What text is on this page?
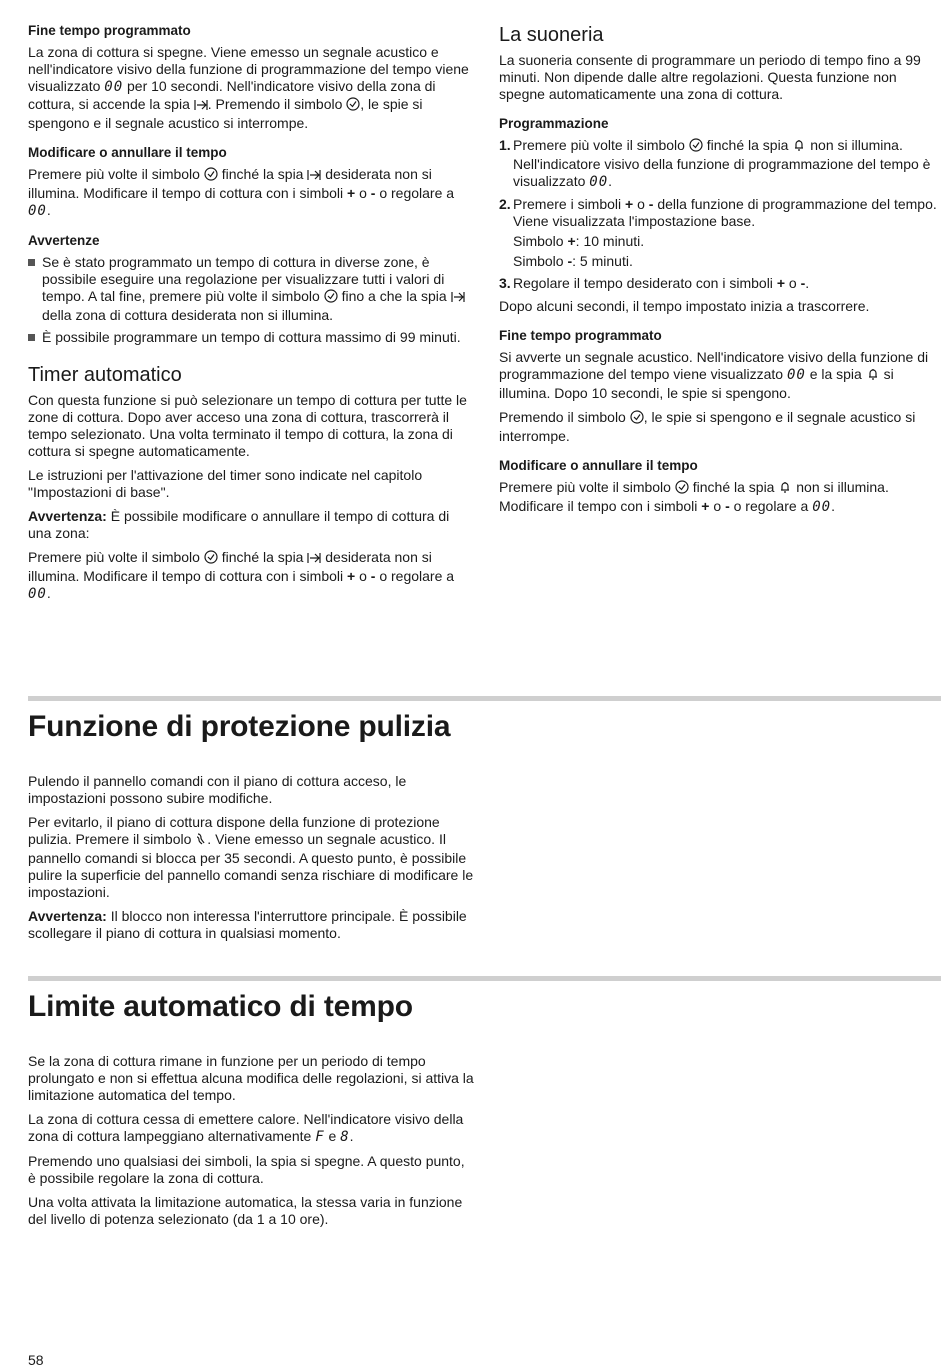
Fine tempo programmato

La zona di cottura si spegne. Viene emesso un segnale acustico e nell'indicatore visivo della funzione di programmazione del tempo viene visualizzato 00 per 10 secondi. Nell'indicatore visivo della zona di cottura, si accende la spia . Premendo il simbolo , le spie si spengono e il segnale acustico si interrompe.

Modificare o annullare il tempo

Premere più volte il simbolo finché la spia desiderata non si illumina. Modificare il tempo di cottura con i simboli + o - o regolare a 00.

Avvertenze
Se è stato programmato un tempo di cottura in diverse zone, è possibile eseguire una regolazione per visualizzare tutti i valori di tempo. A tal fine, premere più volte il simbolo fino a che la spia  della zona di cottura desiderata non si illumina.
È possibile programmare un tempo di cottura massimo di 99 minuti.
Timer automatico

Con questa funzione si può selezionare un tempo di cottura per tutte le zone di cottura. Dopo aver acceso una zona di cottura, trascorrerà il tempo selezionato. Una volta terminato il tempo di cottura, la zona di cottura si spegne automaticamente.

Le istruzioni per l'attivazione del timer sono indicate nel capitolo "Impostazioni di base".

Avvertenza: È possibile modificare o annullare il tempo di cottura di una zona:

Premere più volte il simbolo finché la spia desiderata non si illumina. Modificare il tempo di cottura con i simboli + o - o regolare a 00.

La suoneria

La suoneria consente di programmare un periodo di tempo fino a 99 minuti. Non dipende dalle altre regolazioni. Questa funzione non spegne automaticamente una zona di cottura.

Programmazione
1. Premere più volte il simbolo finché la spia non si illumina. Nell'indicatore visivo della funzione di programmazione del tempo è visualizzato 00.
2. Premere i simboli + o - della funzione di programmazione del tempo. Viene visualizzata l'impostazione base.
Simbolo +: 10 minuti.
Simbolo -: 5 minuti.
3. Regolare il tempo desiderato con i simboli + o -.

Dopo alcuni secondi, il tempo impostato inizia a trascorrere.

Fine tempo programmato

Si avverte un segnale acustico. Nell'indicatore visivo della funzione di programmazione del tempo viene visualizzato 00 e la spia si illumina. Dopo 10 secondi, le spie si spengono.

Premendo il simbolo , le spie si spengono e il segnale acustico si interrompe.

Modificare o annullare il tempo

Premere più volte il simbolo finché la spia non si illumina. Modificare il tempo con i simboli + o - o regolare a 00.

Funzione di protezione pulizia

Pulendo il pannello comandi con il piano di cottura acceso, le impostazioni possono subire modifiche.

Per evitarlo, il piano di cottura dispone della funzione di protezione pulizia. Premere il simbolo . Viene emesso un segnale acustico. Il pannello comandi si blocca per 35 secondi. A questo punto, è possibile pulire la superficie del pannello comandi senza rischiare di modificare le impostazioni.

Avvertenza: Il blocco non interessa l'interruttore principale. È possibile scollegare il piano di cottura in qualsiasi momento.

Limite automatico di tempo

Se la zona di cottura rimane in funzione per un periodo di tempo prolungato e non si effettua alcuna modifica delle regolazioni, si attiva la limitazione automatica del tempo.

La zona di cottura cessa di emettere calore. Nell'indicatore visivo della zona di cottura lampeggiano alternativamente F e 8.

Premendo uno qualsiasi dei simboli, la spia si spegne. A questo punto, è possibile regolare la zona di cottura.

Una volta attivata la limitazione automatica, la stessa varia in funzione del livello di potenza selezionato (da 1 a 10 ore).

58
